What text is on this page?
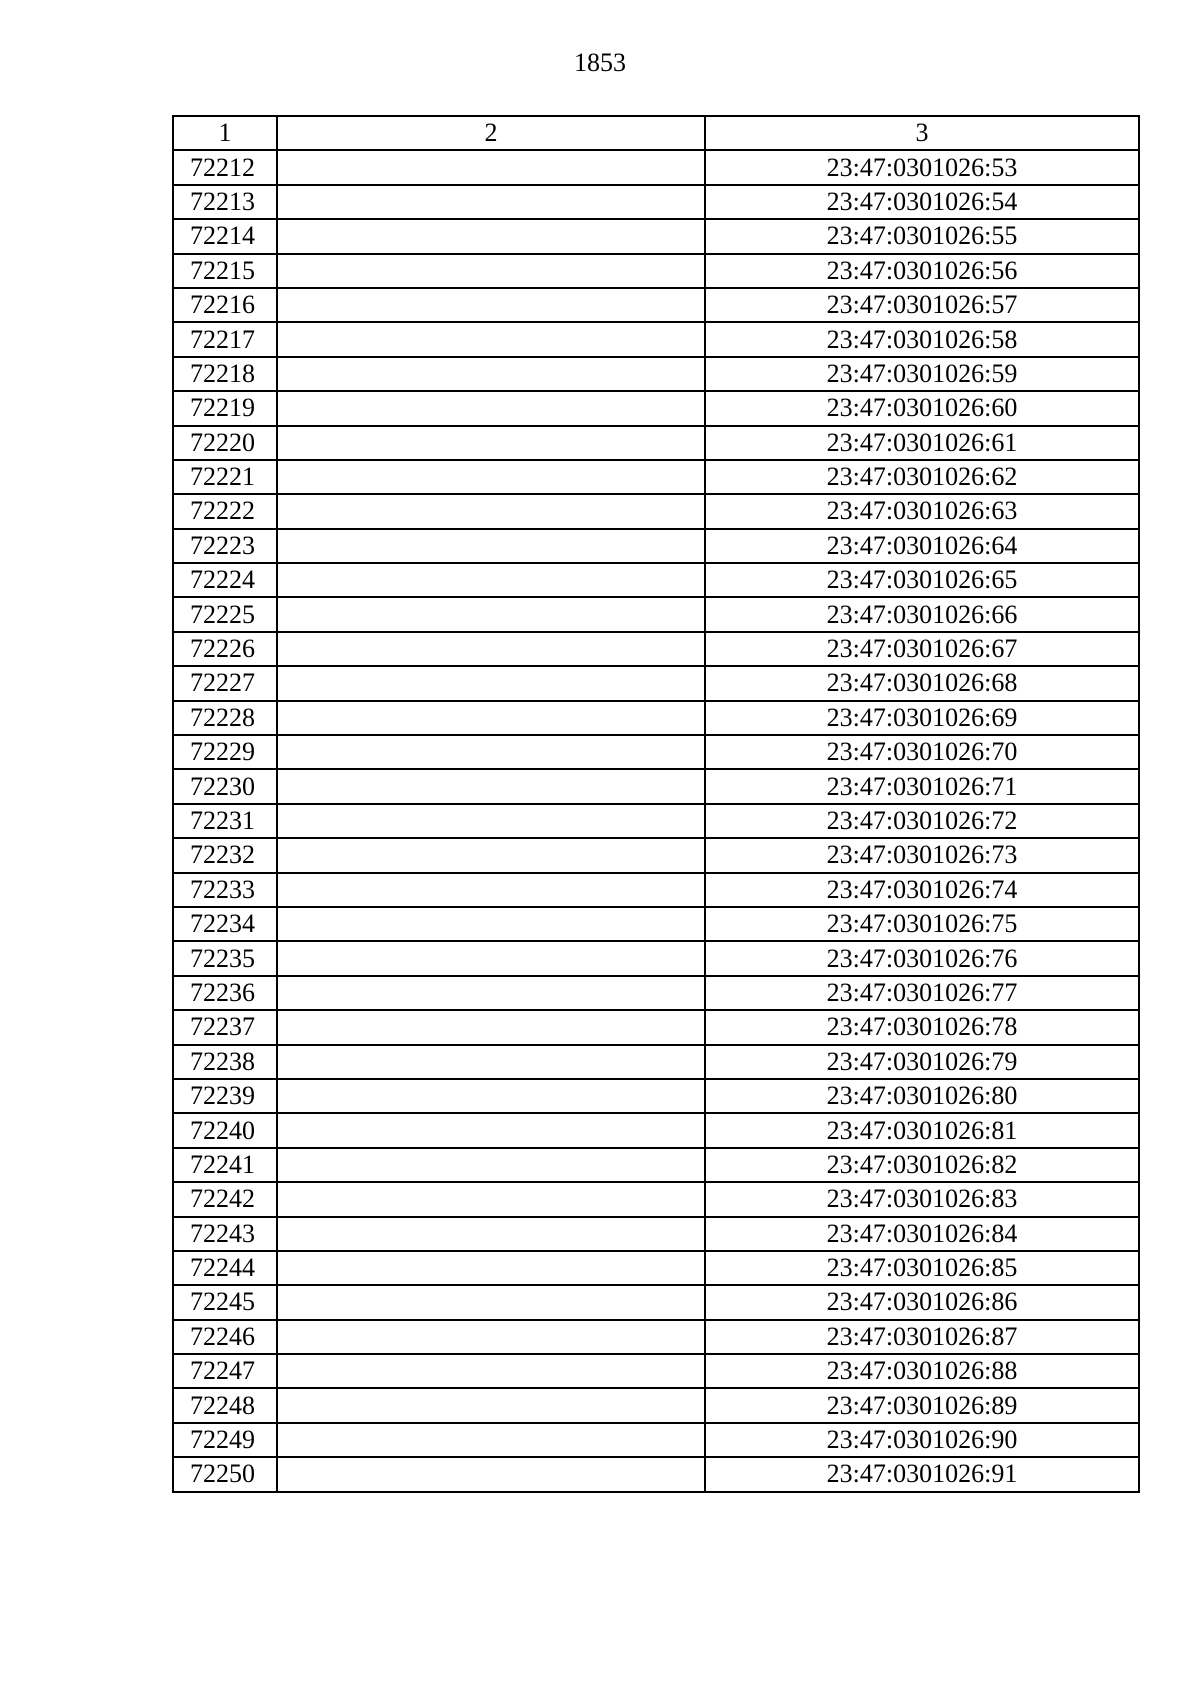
1853
1	2	3
72212		23:47:0301026:53
72213		23:47:0301026:54
72214		23:47:0301026:55
72215		23:47:0301026:56
72216		23:47:0301026:57
72217		23:47:0301026:58
72218		23:47:0301026:59
72219		23:47:0301026:60
72220		23:47:0301026:61
72221		23:47:0301026:62
72222		23:47:0301026:63
72223		23:47:0301026:64
72224		23:47:0301026:65
72225		23:47:0301026:66
72226		23:47:0301026:67
72227		23:47:0301026:68
72228		23:47:0301026:69
72229		23:47:0301026:70
72230		23:47:0301026:71
72231		23:47:0301026:72
72232		23:47:0301026:73
72233		23:47:0301026:74
72234		23:47:0301026:75
72235		23:47:0301026:76
72236		23:47:0301026:77
72237		23:47:0301026:78
72238		23:47:0301026:79
72239		23:47:0301026:80
72240		23:47:0301026:81
72241		23:47:0301026:82
72242		23:47:0301026:83
72243		23:47:0301026:84
72244		23:47:0301026:85
72245		23:47:0301026:86
72246		23:47:0301026:87
72247		23:47:0301026:88
72248		23:47:0301026:89
72249		23:47:0301026:90
72250		23:47:0301026:91
